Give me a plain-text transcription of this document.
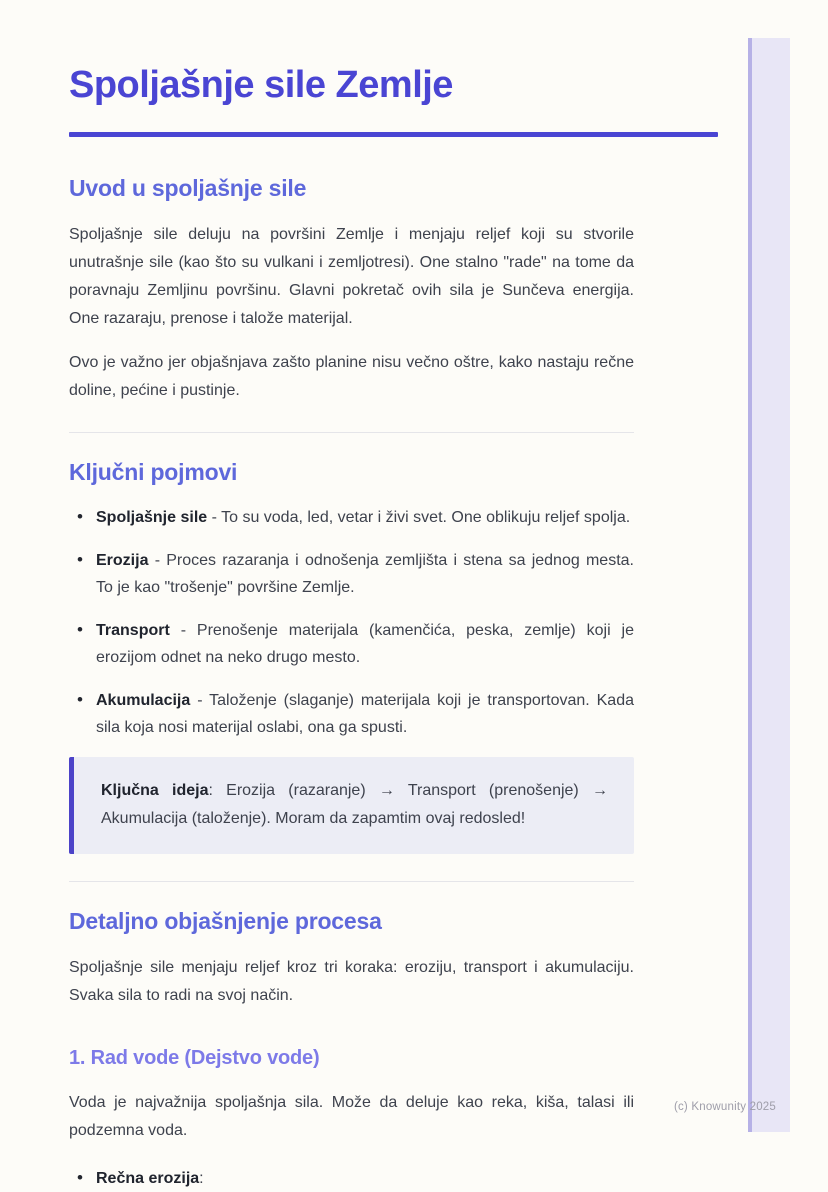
Spoljašnje sile Zemlje
Uvod u spoljašnje sile

Spoljašnje sile deluju na površini Zemlje i menjaju reljef koji su stvorile unutrašnje sile (kao što su vulkani i zemljotresi). One stalno "rade" na tome da poravnaju Zemljinu površinu. Glavni pokretač ovih sila je Sunčeva energija. One razaraju, prenose i talože materijal.

Ovo je važno jer objašnjava zašto planine nisu večno oštre, kako nastaju rečne doline, pećine i pustinje.

Ključni pojmovi
• Spoljašnje sile - To su voda, led, vetar i živi svet. One oblikuju reljef spolja.
• Erozija - Proces razaranja i odnošenja zemljišta i stena sa jednog mesta. To je kao "trošenje" površine Zemlje.
• Transport - Prenošenje materijala (kamenčića, peska, zemlje) koji je erozijom odnet na neko drugo mesto.
• Akumulacija - Taloženje (slaganje) materijala koji je transportovan. Kada sila koja nosi materijal oslabi, ona ga spusti.

Ključna ideja: Erozija (razaranje) → Transport (prenošenje) → Akumulacija (taloženje). Moram da zapamtim ovaj redosled!

Detaljno objašnjenje procesa

Spoljašnje sile menjaju reljef kroz tri koraka: eroziju, transport i akumulaciju. Svaka sila to radi na svoj način.

1. Rad vode (Dejstvo vode)

Voda je najvažnija spoljašnja sila. Može da deluje kao reka, kiša, talasi ili podzemna voda.

• Rečna erozija:
(c) Knowunity 2025
